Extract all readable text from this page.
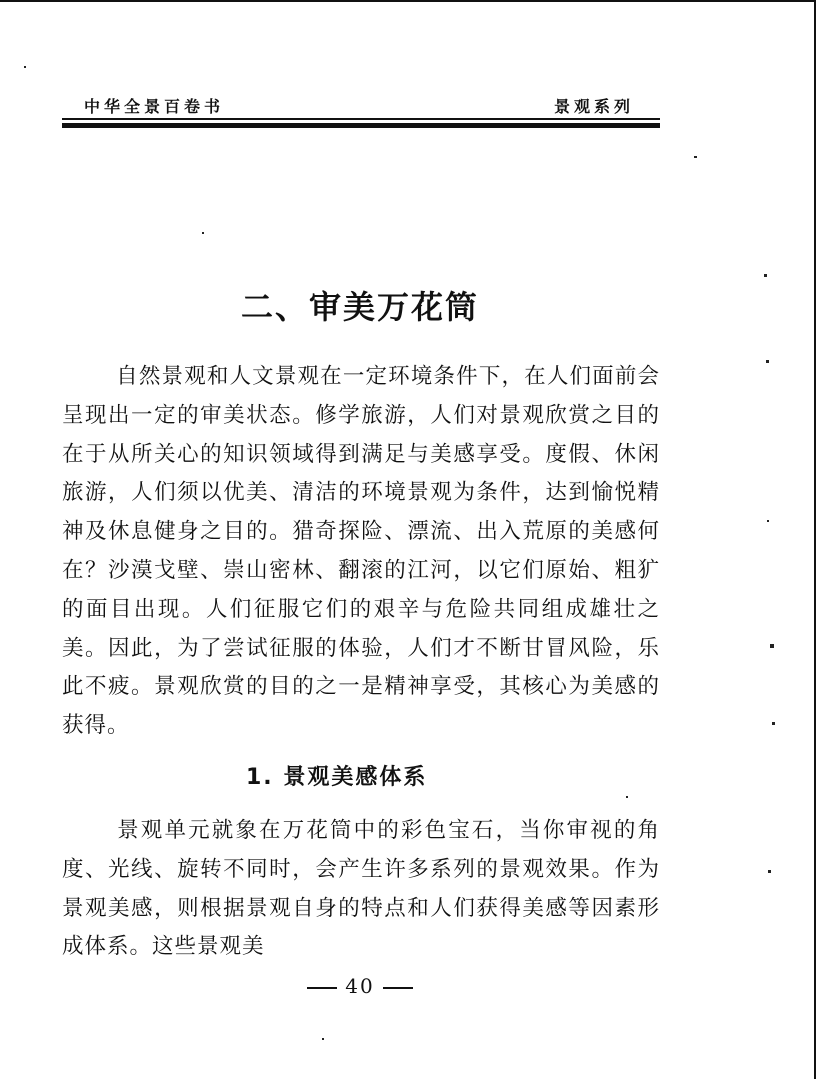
中华全景百卷书	景观系列
二、审美万花筒

自然景观和人文景观在一定环境条件下，在人们面前会呈现出一定的审美状态。修学旅游，人们对景观欣赏之目的在于从所关心的知识领域得到满足与美感享受。度假、休闲旅游，人们须以优美、清洁的环境景观为条件，达到愉悦精神及休息健身之目的。猎奇探险、漂流、出入荒原的美感何在？沙漠戈壁、崇山密林、翻滚的江河，以它们原始、粗犷的面目出现。人们征服它们的艰辛与危险共同组成雄壮之美。因此，为了尝试征服的体验，人们才不断甘冒风险，乐此不疲。景观欣赏的目的之一是精神享受，其核心为美感的获得。

1. 景观美感体系

景观单元就象在万花筒中的彩色宝石，当你审视的角度、光线、旋转不同时，会产生许多系列的景观效果。作为景观美感，则根据景观自身的特点和人们获得美感等因素形成体系。这些景观美

40
